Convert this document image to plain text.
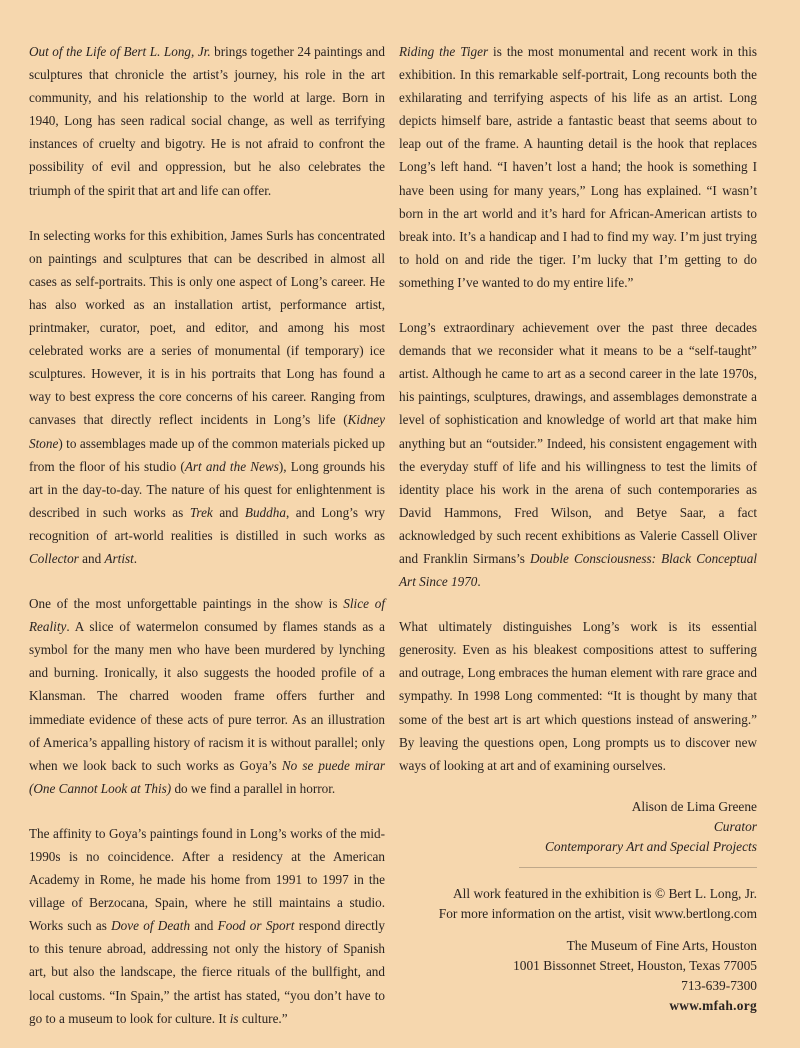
Out of the Life of Bert L. Long, Jr. brings together 24 paintings and sculptures that chronicle the artist’s journey, his role in the art community, and his relationship to the world at large. Born in 1940, Long has seen radical social change, as well as terrifying instances of cruelty and bigotry. He is not afraid to confront the possibility of evil and oppression, but he also celebrates the triumph of the spirit that art and life can offer.

In selecting works for this exhibition, James Surls has concentrated on paintings and sculptures that can be described in almost all cases as self-portraits. This is only one aspect of Long’s career. He has also worked as an installation artist, performance artist, printmaker, curator, poet, and editor, and among his most celebrated works are a series of monumental (if temporary) ice sculptures. However, it is in his portraits that Long has found a way to best express the core concerns of his career. Ranging from canvases that directly reflect incidents in Long’s life (Kidney Stone) to assemblages made up of the common materials picked up from the floor of his studio (Art and the News), Long grounds his art in the day-to-day. The nature of his quest for enlightenment is described in such works as Trek and Buddha, and Long’s wry recognition of art-world realities is distilled in such works as Collector and Artist.

One of the most unforgettable paintings in the show is Slice of Reality. A slice of watermelon consumed by flames stands as a symbol for the many men who have been murdered by lynching and burning. Ironically, it also suggests the hooded profile of a Klansman. The charred wooden frame offers further and immediate evidence of these acts of pure terror. As an illustration of America’s appalling history of racism it is without parallel; only when we look back to such works as Goya’s No se puede mirar (One Cannot Look at This) do we find a parallel in horror.

The affinity to Goya’s paintings found in Long’s works of the mid-1990s is no coincidence. After a residency at the American Academy in Rome, he made his home from 1991 to 1997 in the village of Berzocana, Spain, where he still maintains a studio. Works such as Dove of Death and Food or Sport respond directly to this tenure abroad, addressing not only the history of Spanish art, but also the landscape, the fierce rituals of the bullfight, and local customs. “In Spain,” the artist has stated, “you don’t have to go to a museum to look for culture. It is culture.”

Riding the Tiger is the most monumental and recent work in this exhibition. In this remarkable self-portrait, Long recounts both the exhilarating and terrifying aspects of his life as an artist. Long depicts himself bare, astride a fantastic beast that seems about to leap out of the frame. A haunting detail is the hook that replaces Long’s left hand. “I haven’t lost a hand; the hook is something I have been using for many years,” Long has explained. “I wasn’t born in the art world and it’s hard for African-American artists to break into. It’s a handicap and I had to find my way. I’m just trying to hold on and ride the tiger. I’m lucky that I’m getting to do something I’ve wanted to do my entire life.”

Long’s extraordinary achievement over the past three decades demands that we reconsider what it means to be a “self-taught” artist. Although he came to art as a second career in the late 1970s, his paintings, sculptures, drawings, and assemblages demonstrate a level of sophistication and knowledge of world art that make him anything but an “outsider.” Indeed, his consistent engagement with the everyday stuff of life and his willingness to test the limits of identity place his work in the arena of such contemporaries as David Hammons, Fred Wilson, and Betye Saar, a fact acknowledged by such recent exhibitions as Valerie Cassell Oliver and Franklin Sirmans’s Double Consciousness: Black Conceptual Art Since 1970.

What ultimately distinguishes Long’s work is its essential generosity. Even as his bleakest compositions attest to suffering and outrage, Long embraces the human element with rare grace and sympathy. In 1998 Long commented: “It is thought by many that some of the best art is art which questions instead of answering.” By leaving the questions open, Long prompts us to discover new ways of looking at art and of examining ourselves.

Alison de Lima Greene
Curator
Contemporary Art and Special Projects
All work featured in the exhibition is © Bert L. Long, Jr.
For more information on the artist, visit www.bertlong.com
The Museum of Fine Arts, Houston
1001 Bissonnet Street, Houston, Texas 77005
713-639-7300
www.mfah.org
